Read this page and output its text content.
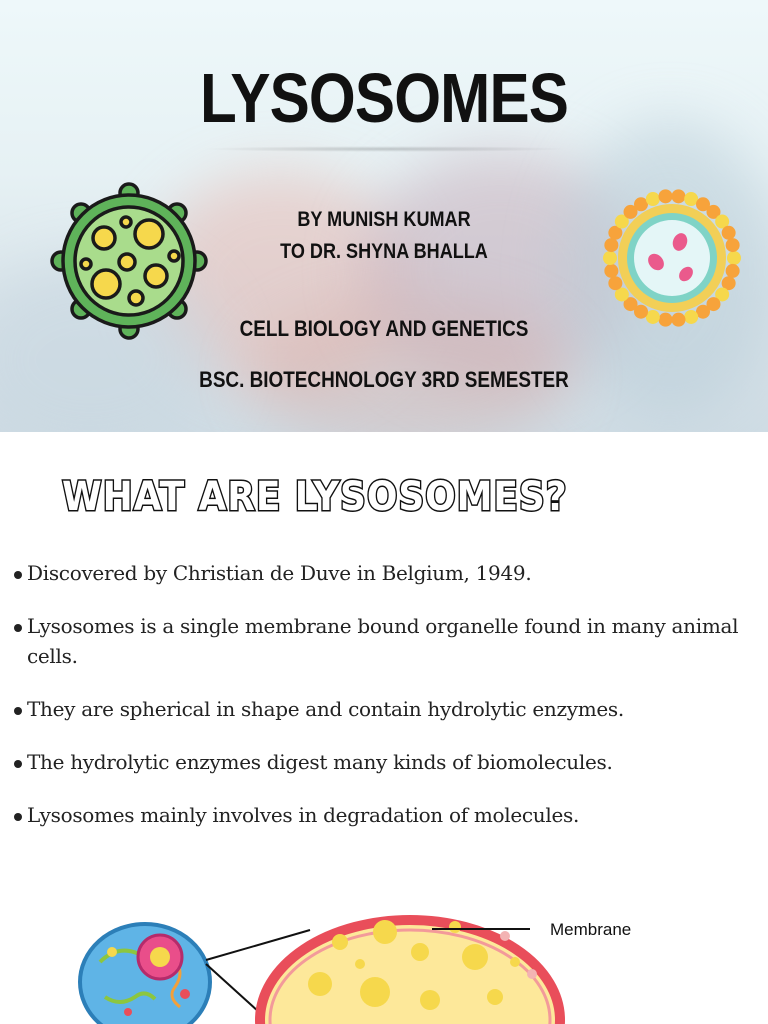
LYSOSOMES
BY MUNISH KUMAR
TO DR. SHYNA BHALLA
CELL BIOLOGY AND GENETICS
BSC. BIOTECHNOLOGY 3RD SEMESTER
WHAT ARE LYSOSOMES?
Discovered by Christian de Duve in Belgium, 1949.
Lysosomes is a single membrane bound organelle found in many animal cells.
They are spherical in shape and contain hydrolytic enzymes.
The hydrolytic enzymes digest many kinds of biomolecules.
Lysosomes mainly involves in degradation of molecules.
Membrane
